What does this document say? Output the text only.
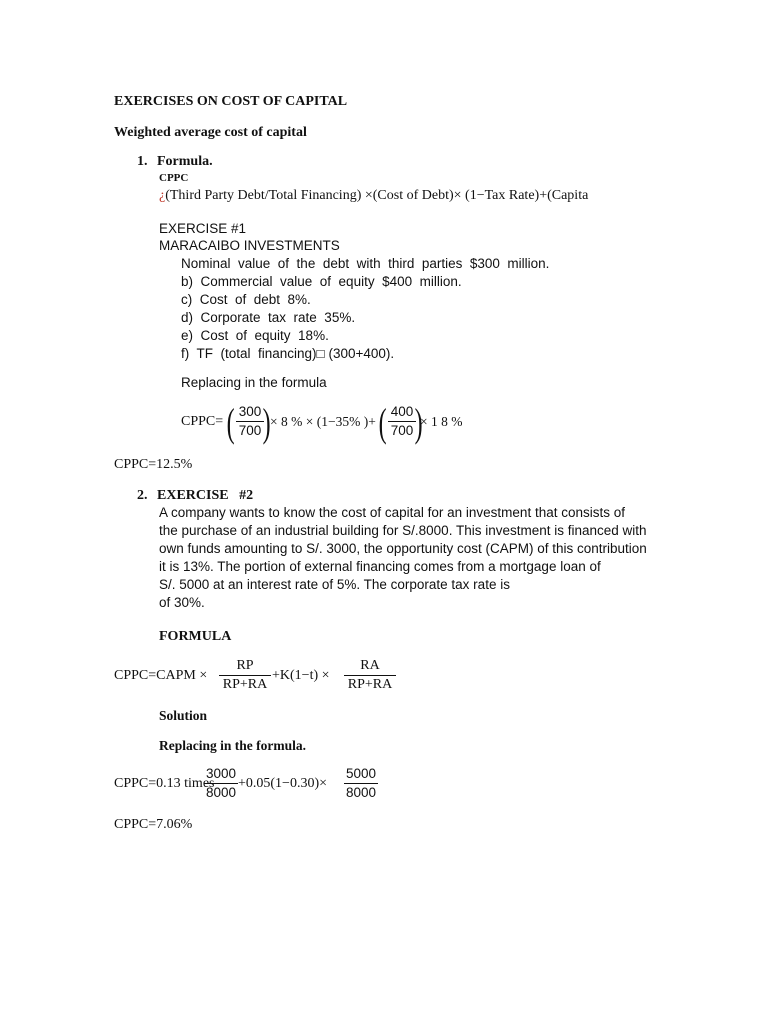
EXERCISES ON COST OF CAPITAL
Weighted average cost of capital
1. Formula.
CPPC
¿(Third Party Debt/Total Financing) ×(Cost of Debt)× (1−Tax Rate)+(Capita
EXERCISE #1
MARACAIBO INVESTMENTS
Nominal  value  of  the  debt  with  third  parties  $300  million.
b)  Commercial  value  of  equity  $400  million.
c)  Cost  of  debt  8%.
d)  Corporate  tax  rate  35%.
e)  Cost  of  equity  18%.
f)  TF  (total  financing)□ (300+400).
Replacing in the formula
CPPC= ( 300
700 ) × 8 % × (1−35% )+ ( 400
700 )
× 1 8 %
CPPC=12.5%
2. EXERCISE   #2
A company wants to know the cost of capital for an investment that consists of
the purchase of an industrial building for S/.8000. This investment is financed with
own funds amounting to S/. 3000, the opportunity cost (CAPM) of this contribution
it is 13%. The portion of external financing comes from a mortgage loan of
S/. 5000 at an interest rate of 5%. The corporate tax rate is
of 30%.
FORMULA
CPPC=CAPM ×
RP
RP+RA
+K(1−t) ×
RA
RP+RA
Solution
Replacing in the formula.
CPPC=0.13 times
3000
8000
+0.05(1−0.30)×
5000
8000
CPPC=7.06%
